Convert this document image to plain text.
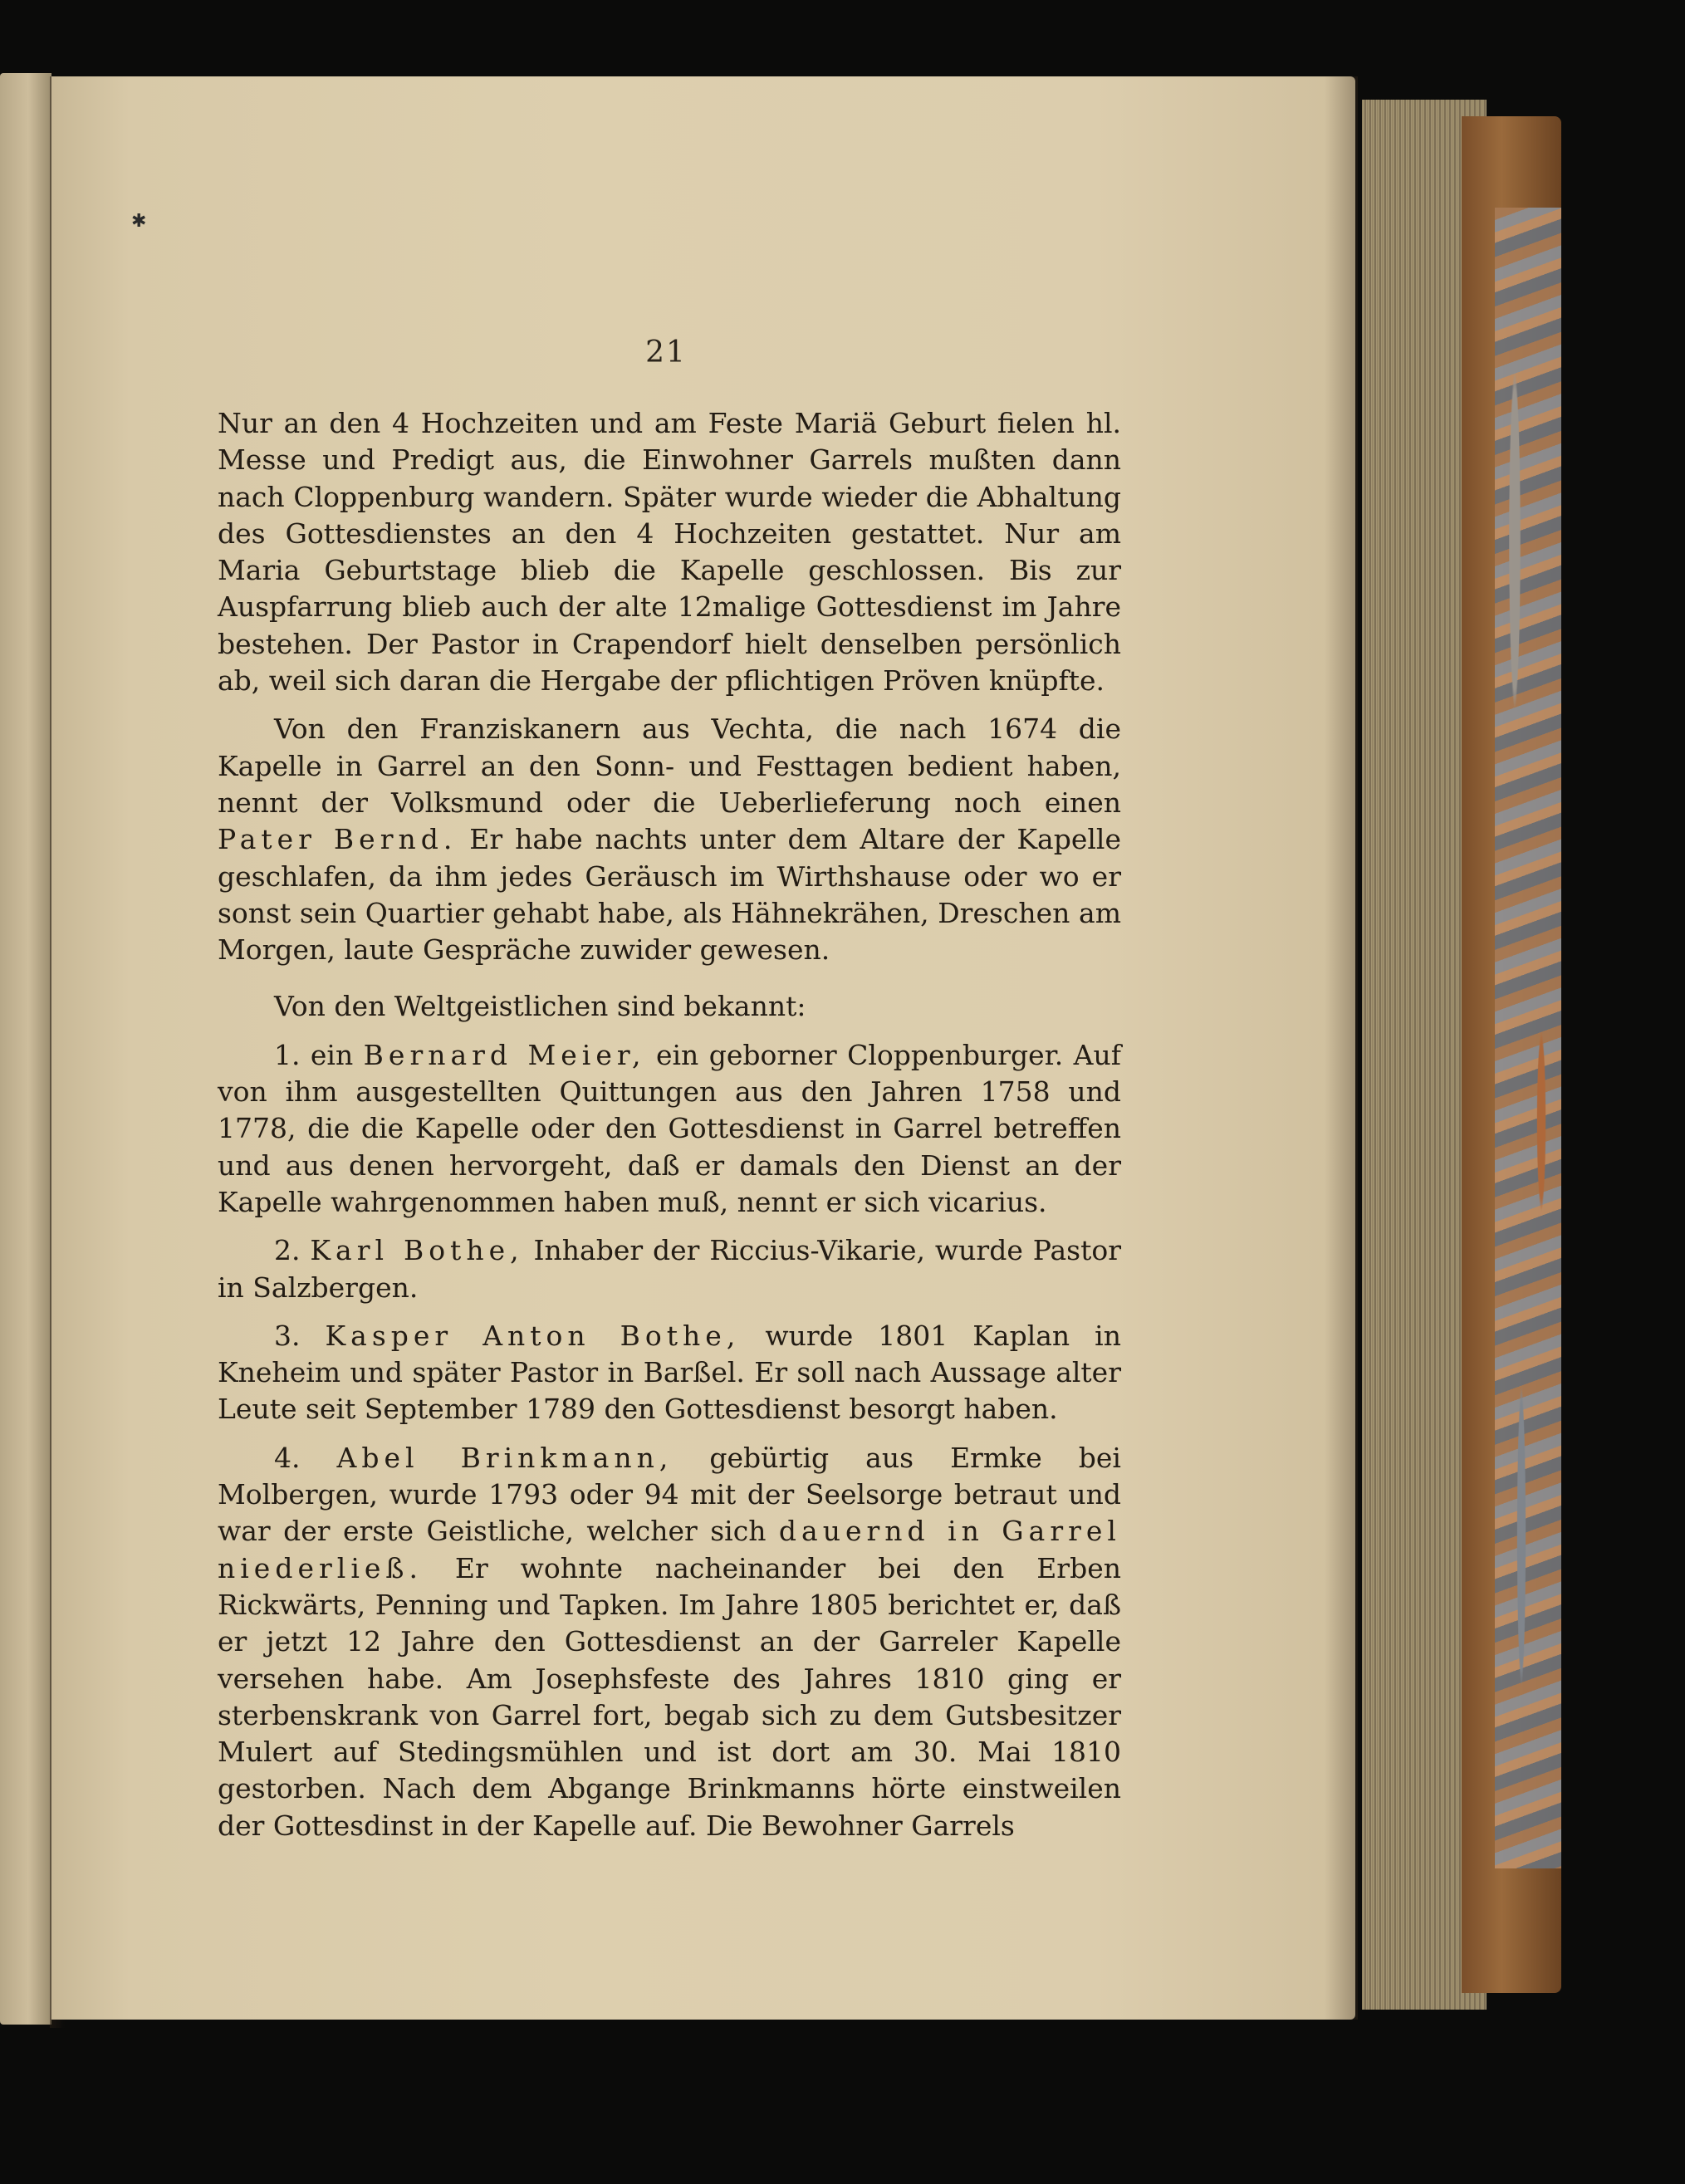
✱
21

Nur an den 4 Hochzeiten und am Feste Mariä Geburt fielen hl. Messe und Predigt aus, die Einwohner Garrels mußten dann nach Cloppenburg wandern. Später wurde wieder die Abhaltung des Gottesdienstes an den 4 Hochzeiten gestattet. Nur am Maria Geburtstage blieb die Kapelle geschlossen. Bis zur Auspfarrung blieb auch der alte 12malige Gottesdienst im Jahre bestehen. Der Pastor in Crapendorf hielt denselben persönlich ab, weil sich daran die Hergabe der pflichtigen Pröven knüpfte.

Von den Franziskanern aus Vechta, die nach 1674 die Kapelle in Garrel an den Sonn- und Festtagen bedient haben, nennt der Volksmund oder die Ueberlieferung noch einen Pater Bernd. Er habe nachts unter dem Altare der Kapelle geschlafen, da ihm jedes Geräusch im Wirthshause oder wo er sonst sein Quartier gehabt habe, als Hähnekrähen, Dreschen am Morgen, laute Gespräche zuwider gewesen.

Von den Weltgeistlichen sind bekannt:

1. ein Bernard Meier, ein geborner Cloppenburger. Auf von ihm ausgestellten Quittungen aus den Jahren 1758 und 1778, die die Kapelle oder den Gottesdienst in Garrel betreffen und aus denen hervorgeht, daß er damals den Dienst an der Kapelle wahrgenommen haben muß, nennt er sich vicarius.

2. Karl Bothe, Inhaber der Riccius-Vikarie, wurde Pastor in Salzbergen.

3. Kasper Anton Bothe, wurde 1801 Kaplan in Kneheim und später Pastor in Barßel. Er soll nach Aussage alter Leute seit September 1789 den Gottesdienst besorgt haben.

4. Abel Brinkmann, gebürtig aus Ermke bei Molbergen, wurde 1793 oder 94 mit der Seelsorge betraut und war der erste Geistliche, welcher sich dauernd in Garrel niederließ. Er wohnte nacheinander bei den Erben Rickwärts, Penning und Tapken. Im Jahre 1805 berichtet er, daß er jetzt 12 Jahre den Gottesdienst an der Garreler Kapelle versehen habe. Am Josephsfeste des Jahres 1810 ging er sterbenskrank von Garrel fort, begab sich zu dem Gutsbesitzer Mulert auf Stedingsmühlen und ist dort am 30. Mai 1810 gestorben. Nach dem Abgange Brinkmanns hörte einstweilen der Gottesdinst in der Kapelle auf. Die Bewohner Garrels
